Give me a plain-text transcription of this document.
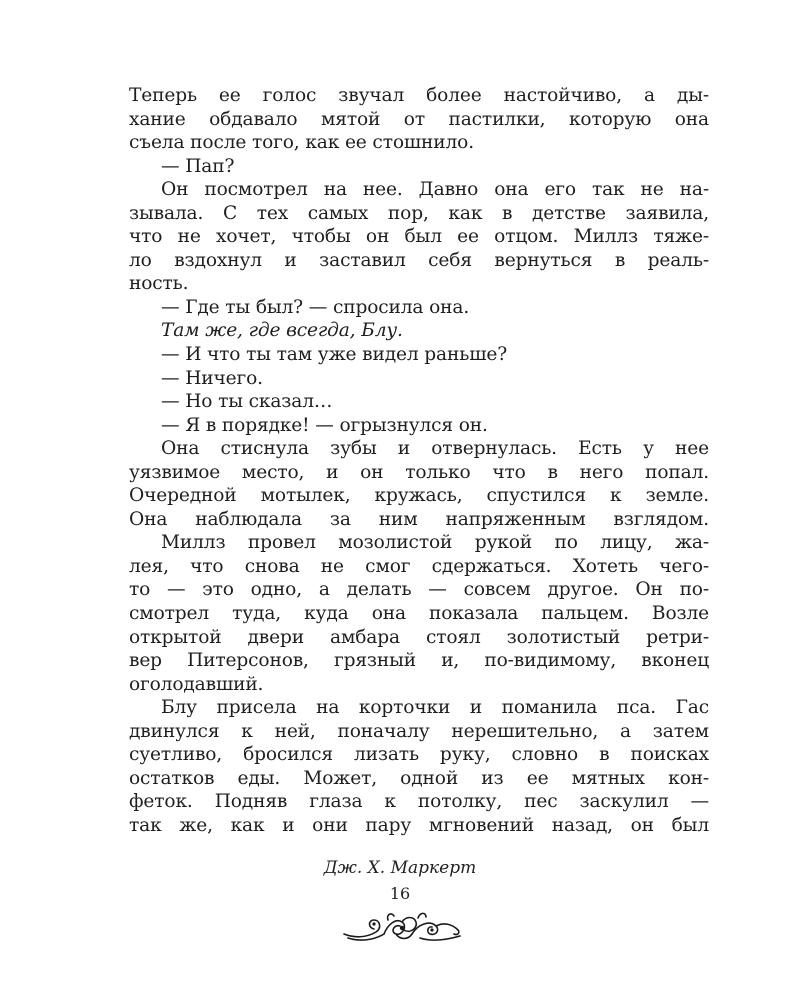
Теперь ее голос звучал более настойчиво, а ды-
хание обдавало мятой от пастилки, которую она
съела после того, как ее стошнило.
— Пап?
Он посмотрел на нее. Давно она его так не на-
зывала. С тех самых пор, как в детстве заявила,
что не хочет, чтобы он был ее отцом. Миллз тяже-
ло вздохнул и заставил себя вернуться в реаль-
ность.
— Где ты был? — спросила она.
Там же, где всегда, Блу.
— И что ты там уже видел раньше?
— Ничего.
— Но ты сказал…
— Я в порядке! — огрызнулся он.
Она стиснула зубы и отвернулась. Есть у нее
уязвимое место, и он только что в него попал.
Очередной мотылек, кружась, спустился к земле.
Она наблюдала за ним напряженным взглядом.
Миллз провел мозолистой рукой по лицу, жа-
лея, что снова не смог сдержаться. Хотеть чего-
то — это одно, а делать — совсем другое. Он по-
смотрел туда, куда она показала пальцем. Возле
открытой двери амбара стоял золотистый ретри-
вер Питерсонов, грязный и, по-видимому, вконец
оголодавший.
Блу присела на корточки и поманила пса. Гас
двинулся к ней, поначалу нерешительно, а затем
суетливо, бросился лизать руку, словно в поисках
остатков еды. Может, одной из ее мятных кон-
феток. Подняв глаза к потолку, пес заскулил —
так же, как и они пару мгновений назад, он был
Дж. Х. Маркерт
16
